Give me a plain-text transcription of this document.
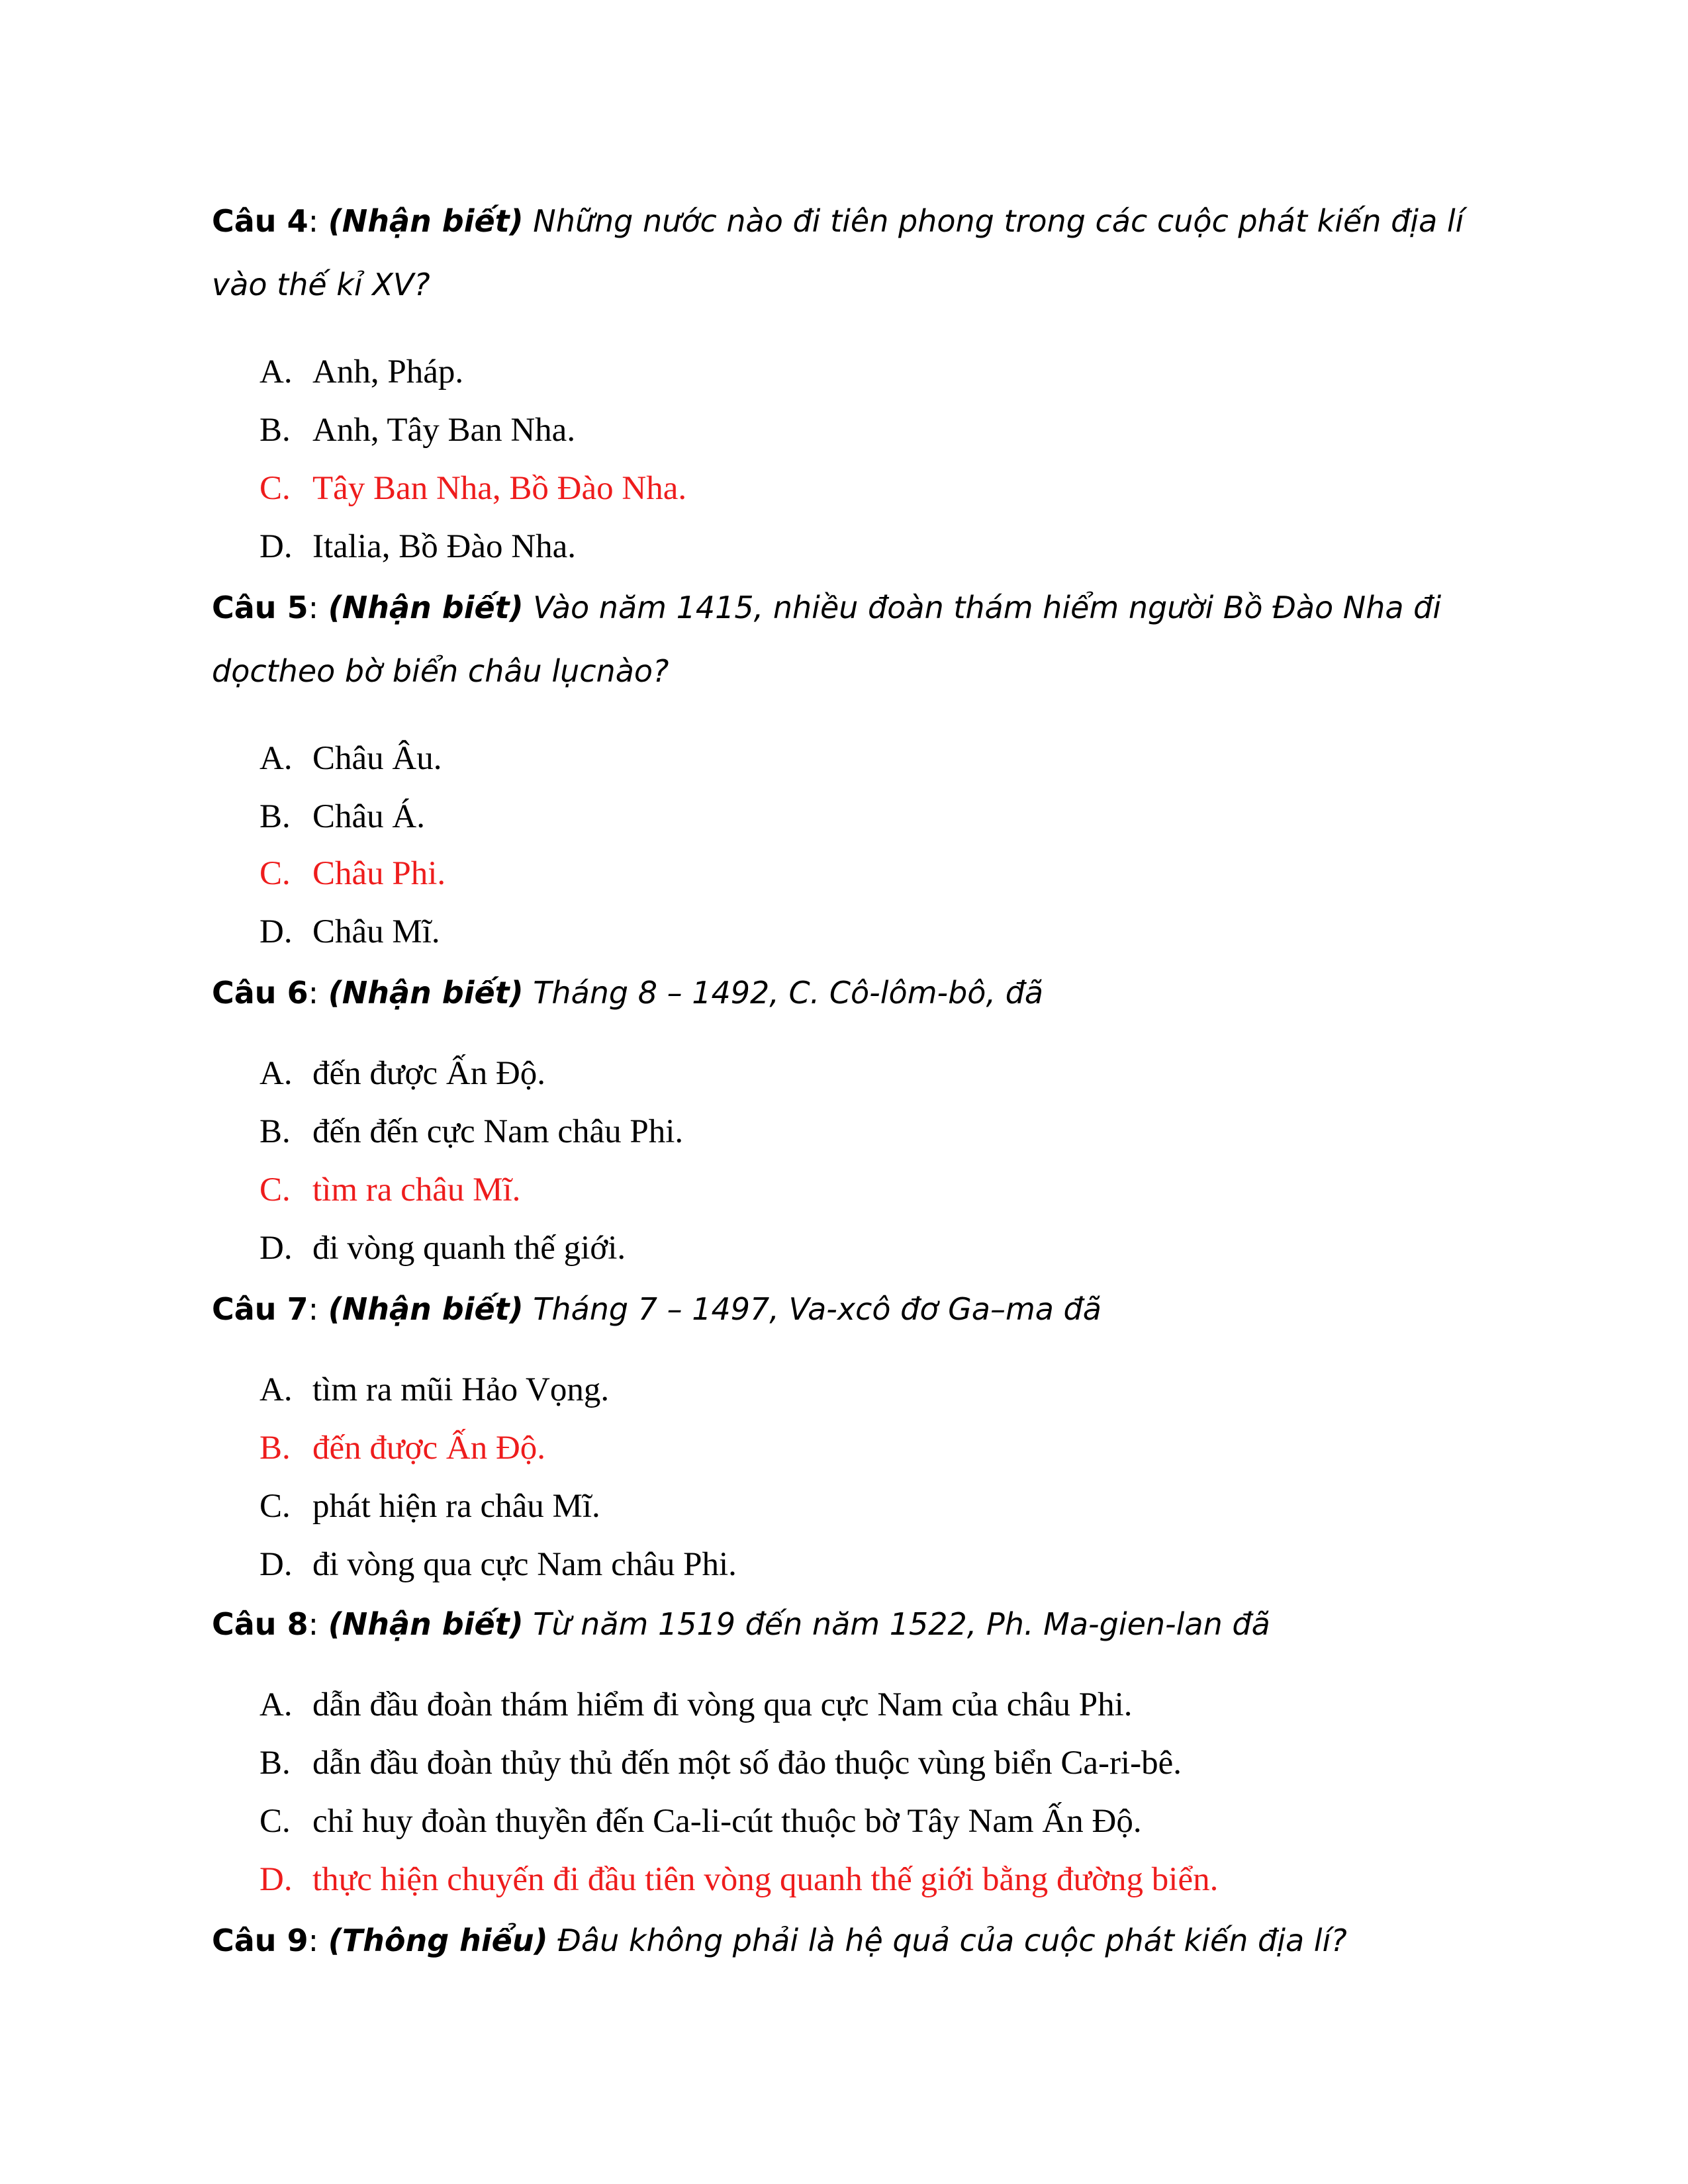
Câu 4: (Nhận biết) Những nước nào đi tiên phong trong các cuộc phát kiến địa lí vào thế kỉ XV?

A. Anh, Pháp.
B. Anh, Tây Ban Nha.
C. Tây Ban Nha, Bồ Đào Nha.
D. Italia, Bồ Đào Nha.

Câu 5: (Nhận biết) Vào năm 1415, nhiều đoàn thám hiểm người Bồ Đào Nha đi dọctheo bờ biển châu lụcnào?

A. Châu Âu.
B. Châu Á.
C. Châu Phi.
D. Châu Mĩ.

Câu 6: (Nhận biết) Tháng 8 – 1492, C. Cô-lôm-bô, đã

A. đến được Ấn Độ.
B. đến đến cực Nam châu Phi.
C. tìm ra châu Mĩ.
D. đi vòng quanh thế giới.

Câu 7: (Nhận biết) Tháng 7 – 1497, Va-xcô đơ Ga–ma đã

A. tìm ra mũi Hảo Vọng.
B. đến được Ấn Độ.
C. phát hiện ra châu Mĩ.
D. đi vòng qua cực Nam châu Phi.

Câu 8: (Nhận biết) Từ năm 1519 đến năm 1522, Ph. Ma-gien-lan đã

A. dẫn đầu đoàn thám hiểm đi vòng qua cực Nam của châu Phi.
B. dẫn đầu đoàn thủy thủ đến một số đảo thuộc vùng biển Ca-ri-bê.
C. chỉ huy đoàn thuyền đến Ca-li-cút thuộc bờ Tây Nam Ấn Độ.
D. thực hiện chuyến đi đầu tiên vòng quanh thế giới bằng đường biển.

Câu 9: (Thông hiểu) Đâu không phải là hệ quả của cuộc phát kiến địa lí?
